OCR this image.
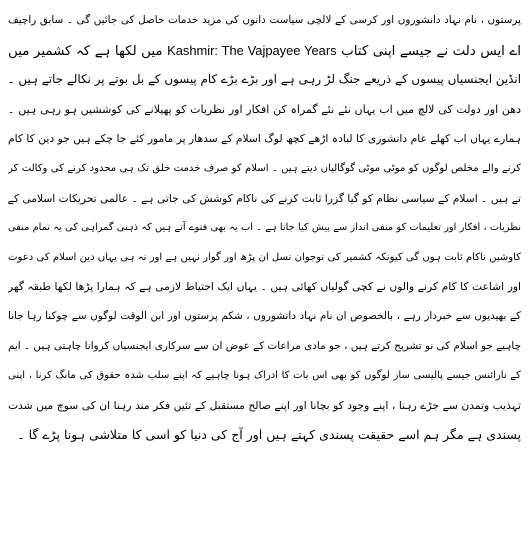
پرستوں ، نام نہاد دانشوروں اور کرسی کے لالچی سیاست دانوں کی مزید خدمات حاصل کی جائیں گی ۔ سابق راچیف
اے ایس دلت نے جیسے اپنی کتاب Kashmir: The Vajpayee Years میں لکھا ہے کہ کشمیر میں
انڈین ایجنسیاں پیسوں کے ذریعے جنگ لڑ رہی ہے اور بڑے بڑے کام پیسوں کے بل بوتے پر نکالے جاتے ہیں ۔
دھن اور دولت کی لالچ میں اب یہاں نئے نئے گمراہ کن افکار اور نظریات کو پھیلانے کی کوششیں ہو رہی ہیں ۔
ہمارے یہاں اب کھلے عام دانشوری کا لبادہ اڑھے کچھ لوگ اسلام کے سدھار پر مامور کئے جا چکے ہیں جو دین کا کام
کرنے والے مخلص لوگوں کو موٹی موٹی گوگالیاں دیتے ہیں ۔ اسلام کو صرف خدمت خلق تک ہی محدود کرنے کی وکالت کر
تے ہیں ۔ اسلام کے سیاسی نظام کو گیا گزرا ثابت کرنے کی ناکام کوشش کی جاتی ہے ۔ عالمی تحریکات اسلامی کے
نظریات ، افکار اور تعلیمات کو منفی انداز سے پیش کیا جاتا ہے ۔ اب یہ بھی فتوے آتے ہیں کہ ذہنی گمراہی کی یہ تمام منفی
کاوشیں ناکام ثابت ہوں گی کیونکہ کشمیر کی نوجوان نسل ان پڑھ اور گوار نہیں ہے اور نہ ہی یہاں دین اسلام کی دعوت
اور اشاعت کا کام کرنے والوں نے کچی گولیاں کھائی ہیں ۔ یہاں ایک احتیاط لازمی ہے کہ ہمارا پڑھا لکھا طبقہ گھر
کے بھیدیوں سے خبردار رہے ، بالخصوص ان نام نہاد دانشوروں ، شکم پرستوں اور ابن الوقت لوگوں سے چوکنا رہا جانا
چاہیے جو اسلام کی نو تشریح کرتے ہیں ، جو مادی مراعات کے عوض ان سے سرکاری ایجنسیاں کروانا چاہتی ہیں ۔ ایم
کے نارائنس جیسے پالیسی ساز لوگوں کو بھی اس بات کا ادراک ہونا چاہیے کہ اپنے سلب شدہ حقوق کی مانگ کرنا ، اپنی
تہذیب وتمدن سے جڑے رہنا ، اپنے وجود کو بچانا اور اپنے صالح مستقبل کے تئیں فکر مند رہنا ان کی سوچ میں شدت
پسندی ہے مگر ہم اسے حقیقت پسندی کہتے ہیں اور آج کی دنیا کو اسی کا متلاشی ہونا پڑے گا ۔
